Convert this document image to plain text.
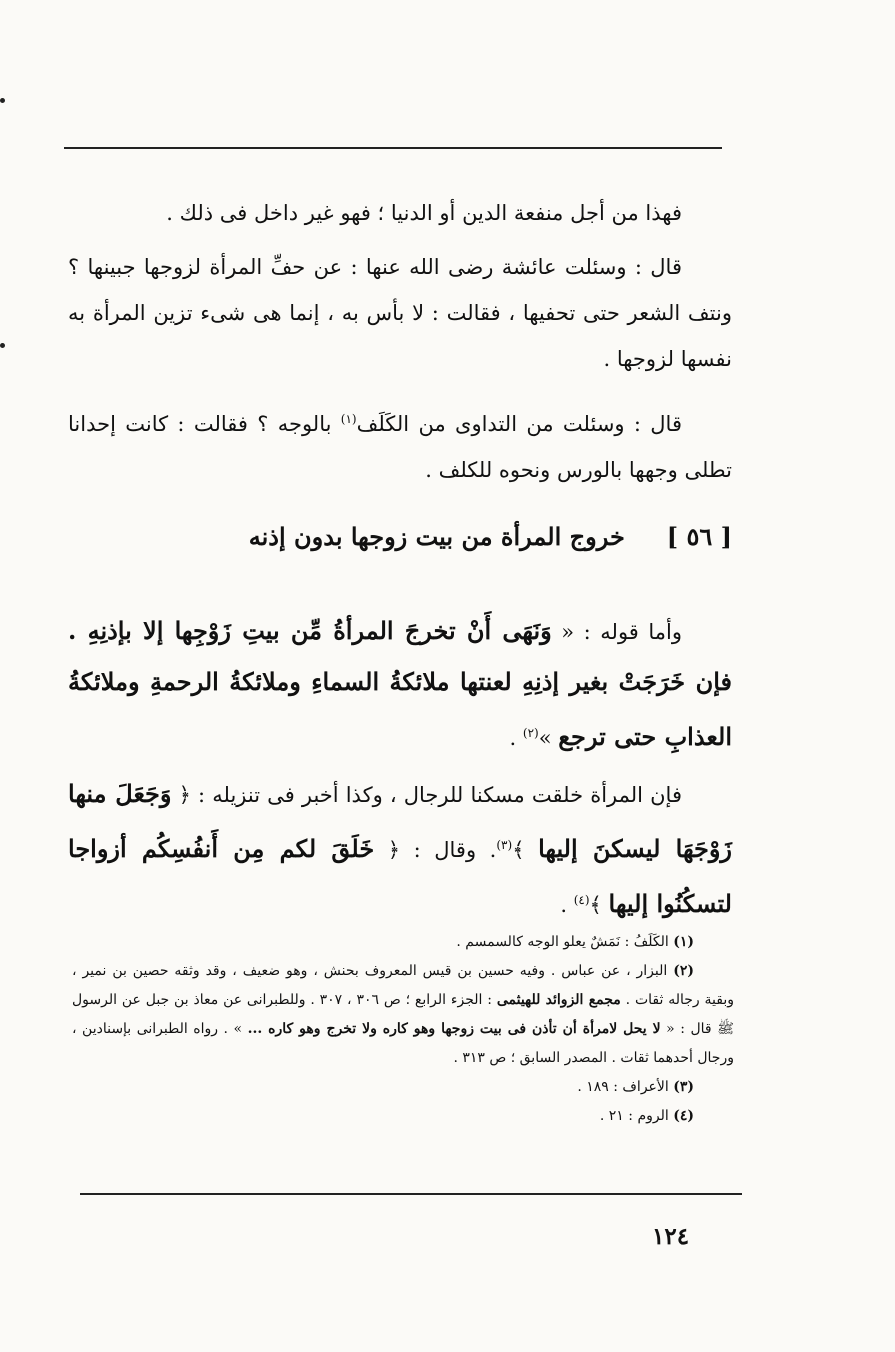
فهذا من أجل منفعة الدين أو الدنيا ؛ فهو غير داخل فى ذلك .

قال : وسئلت عائشة رضى الله عنها : عن حفِّ المرأة لزوجها جبينها ؟ ونتف الشعر حتى تحفيها ، فقالت : لا بأس به ، إنما هى شىء تزين المرأة به نفسها لزوجها .

قال : وسئلت من التداوى من الكَلَف$^{(١)}$ بالوجه ؟ فقالت : كانت إحدانا تطلى وجهها بالورس ونحوه للكلف .

[ ٥٦ ]خروج المرأة من بيت زوجها بدون إذنه

وأما قوله : « وَنَهَى أَنْ تخرجَ المرأةُ مِّن بيتِ زَوْجِها إلا بإذنِهِ . فإن خَرَجَتْ بغير إذنِهِ لعنتها ملائكةُ السماءِ وملائكةُ الرحمةِ وملائكةُ العذابِ حتى ترجع »$^{(٢)}$ .

فإن المرأة خلقت مسكنا للرجال ، وكذا أخبر فى تنزيله : ﴿ وَجَعَلَ منها زَوْجَهَا ليسكنَ إليها ﴾$^{(٣)}$. وقال : ﴿ خَلَقَ لكم مِن أَنفُسِكُم أزواجا لتسكُنُوا إليها ﴾$^{(٤)}$ .

(١) الكَلَفُ : نَمَشٌ يعلو الوجه كالسمسم .

(٢) البزار ، عن عباس . وفيه حسين بن قيس المعروف بحنش ، وهو ضعيف ، وقد وثقه حصين بن نمير ، وبقية رجاله ثقات . مجمع الزوائد للهيثمى : الجزء الرابع ؛ ص ٣٠٦ ، ٣٠٧ . وللطبرانى عن معاذ بن جبل عن الرسول ﷺ قال : « لا يحل لامرأة أن تأذن فى بيت زوجها وهو كاره ولا تخرج وهو كاره ... » . رواه الطبرانى بإسنادين ، ورجال أحدهما ثقات . المصدر السابق ؛ ص ٣١٣ .

(٣) الأعراف : ١٨٩ .

(٤) الروم : ٢١ .

١٢٤
